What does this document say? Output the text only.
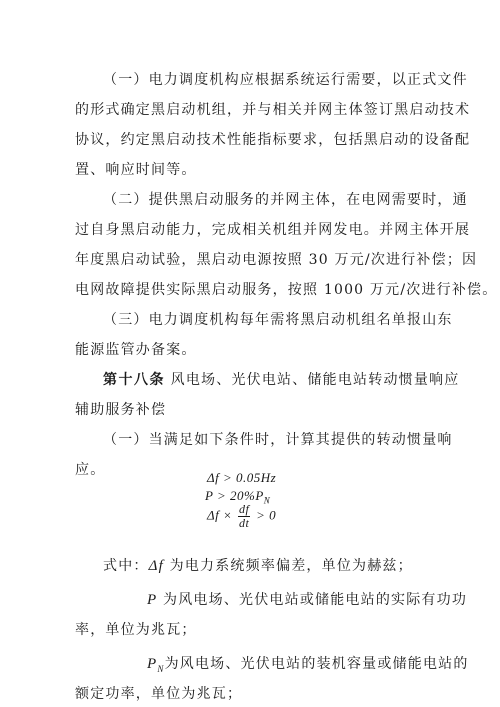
（一）电力调度机构应根据系统运行需要，以正式文件
的形式确定黑启动机组，并与相关并网主体签订黑启动技术
协议，约定黑启动技术性能指标要求，包括黑启动的设备配
置、响应时间等。
（二）提供黑启动服务的并网主体，在电网需要时，通
过自身黑启动能力，完成相关机组并网发电。并网主体开展
年度黑启动试验，黑启动电源按照 30 万元/次进行补偿；因
电网故障提供实际黑启动服务，按照 1000 万元/次进行补偿。
（三）电力调度机构每年需将黑启动机组名单报山东
能源监管办备案。
第十八条 风电场、光伏电站、储能电站转动惯量响应
辅助服务补偿
（一）当满足如下条件时，计算其提供的转动惯量响
应。	Δf > 0.05Hz
$P > 20\%P_N$
$\Delta f \times \frac{df}{dt} > 0$
式中：Δf 为电力系统频率偏差，单位为赫兹；
P 为风电场、光伏电站或储能电站的实际有功功
率，单位为兆瓦；
$P_N$为风电场、光伏电站的装机容量或储能电站的
额定功率，单位为兆瓦；
